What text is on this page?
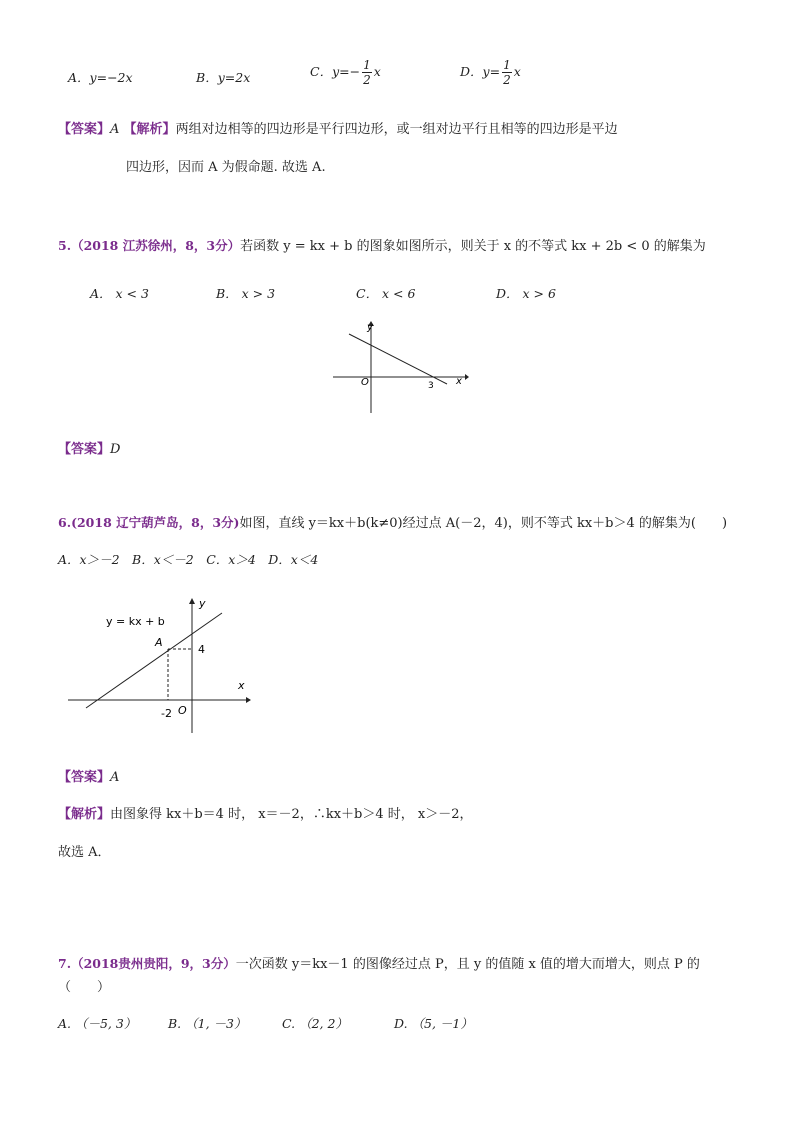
A．y=−2x	B．y=2x	C．$y=- \frac{1}{2}$ x	D．$y= \frac{1}{2}$ x
【答案】A 【解析】两组对边相等的四边形是平行四边形，或一组对边平行且相等的四边形是平边
四边形，因而 A 为假命题. 故选 A.
5.（2018 江苏徐州，8，3分）若函数 y = kx + b 的图象如图所示，则关于 x 的不等式 kx + 2b < 0 的解集为
A． x < 3	B． x > 3	C． x < 6	D． x > 6
y
x
O	3
【答案】D
6.(2018 辽宁葫芦岛，8，3分)如图，直线 y＝kx＋b(k≠0)经过点 A(－2，4)，则不等式 kx＋b＞4 的解集为(　　)
A．x＞－2　B．x＜－2　C．x＞4　D．x＜4
y = kx + b
A
y
x
O
4
-2
【答案】A
【解析】由图象得 kx＋b＝4 时， x＝－2，∴kx＋b＞4 时， x＞－2，
故选 A．
7.（2018贵州贵阳，9，3分）一次函数 y＝kx－1 的图像经过点 P，且 y 的值随 x 值的增大而增大，则点 P 的
（　　）
A. （－5, 3）	B. （1, －3）	C. （2, 2）	D. （5, －1）
